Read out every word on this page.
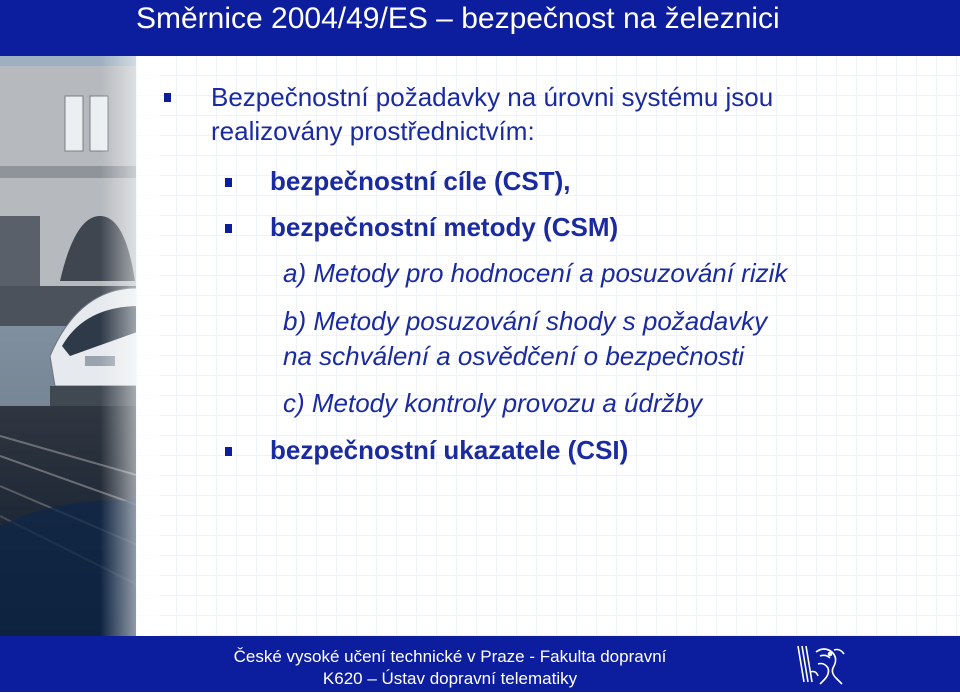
Směrnice 2004/49/ES – bezpečnost na železnici
Bezpečnostní požadavky na úrovni systému jsou
realizovány prostřednictvím:
bezpečnostní cíle (CST),
bezpečnostní metody (CSM)
a) Metody pro hodnocení a posuzování rizik
b) Metody posuzování shody s požadavky
na schválení a osvědčení o bezpečnosti
c) Metody kontroly provozu a údržby
bezpečnostní ukazatele (CSI)
České vysoké učení technické v Praze - Fakulta dopravní
K620 – Ústav dopravní telematiky
